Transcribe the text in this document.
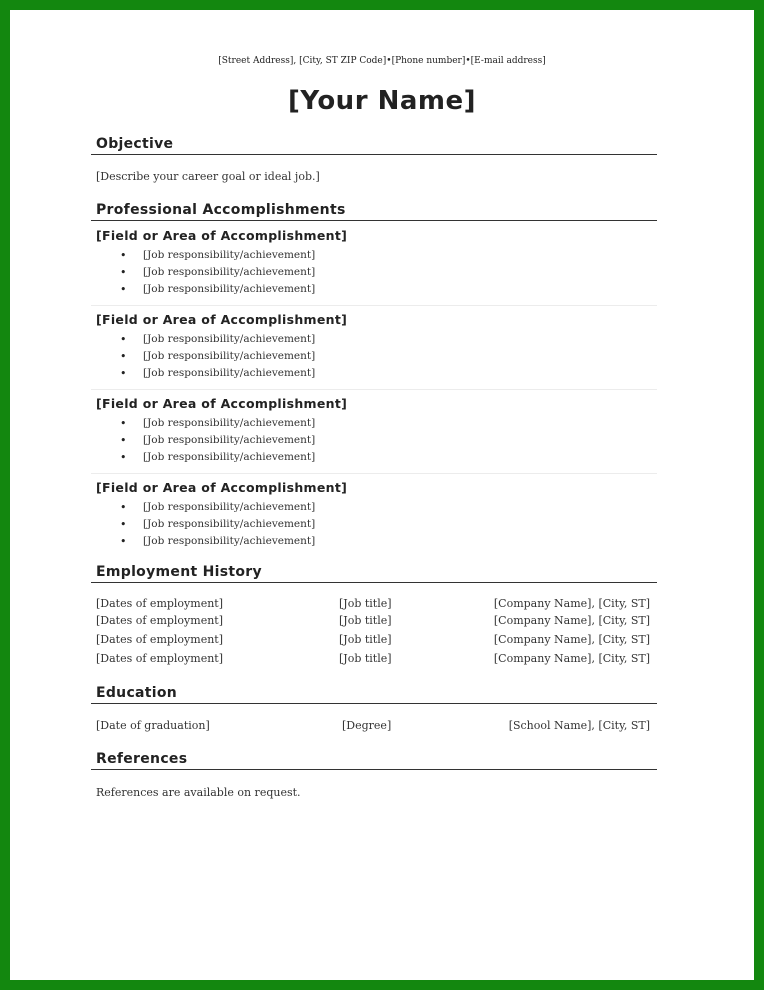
[Street Address], [City, ST ZIP Code]•[Phone number]•[E-mail address]
[Your Name]
Objective
[Describe your career goal or ideal job.]
Professional Accomplishments
[Field or Area of Accomplishment]
• [Job responsibility/achievement]
• [Job responsibility/achievement]
• [Job responsibility/achievement]
[Field or Area of Accomplishment]
• [Job responsibility/achievement]
• [Job responsibility/achievement]
• [Job responsibility/achievement]
[Field or Area of Accomplishment]
• [Job responsibility/achievement]
• [Job responsibility/achievement]
• [Job responsibility/achievement]
[Field or Area of Accomplishment]
• [Job responsibility/achievement]
• [Job responsibility/achievement]
• [Job responsibility/achievement]
Employment History
[Dates of employment]	[Job title]	[Company Name], [City, ST]
[Dates of employment]	[Job title]	[Company Name], [City, ST]
[Dates of employment]	[Job title]	[Company Name], [City, ST]
[Dates of employment]	[Job title]	[Company Name], [City, ST]
Education
[Date of graduation]	[Degree]	[School Name], [City, ST]
References
References are available on request.
